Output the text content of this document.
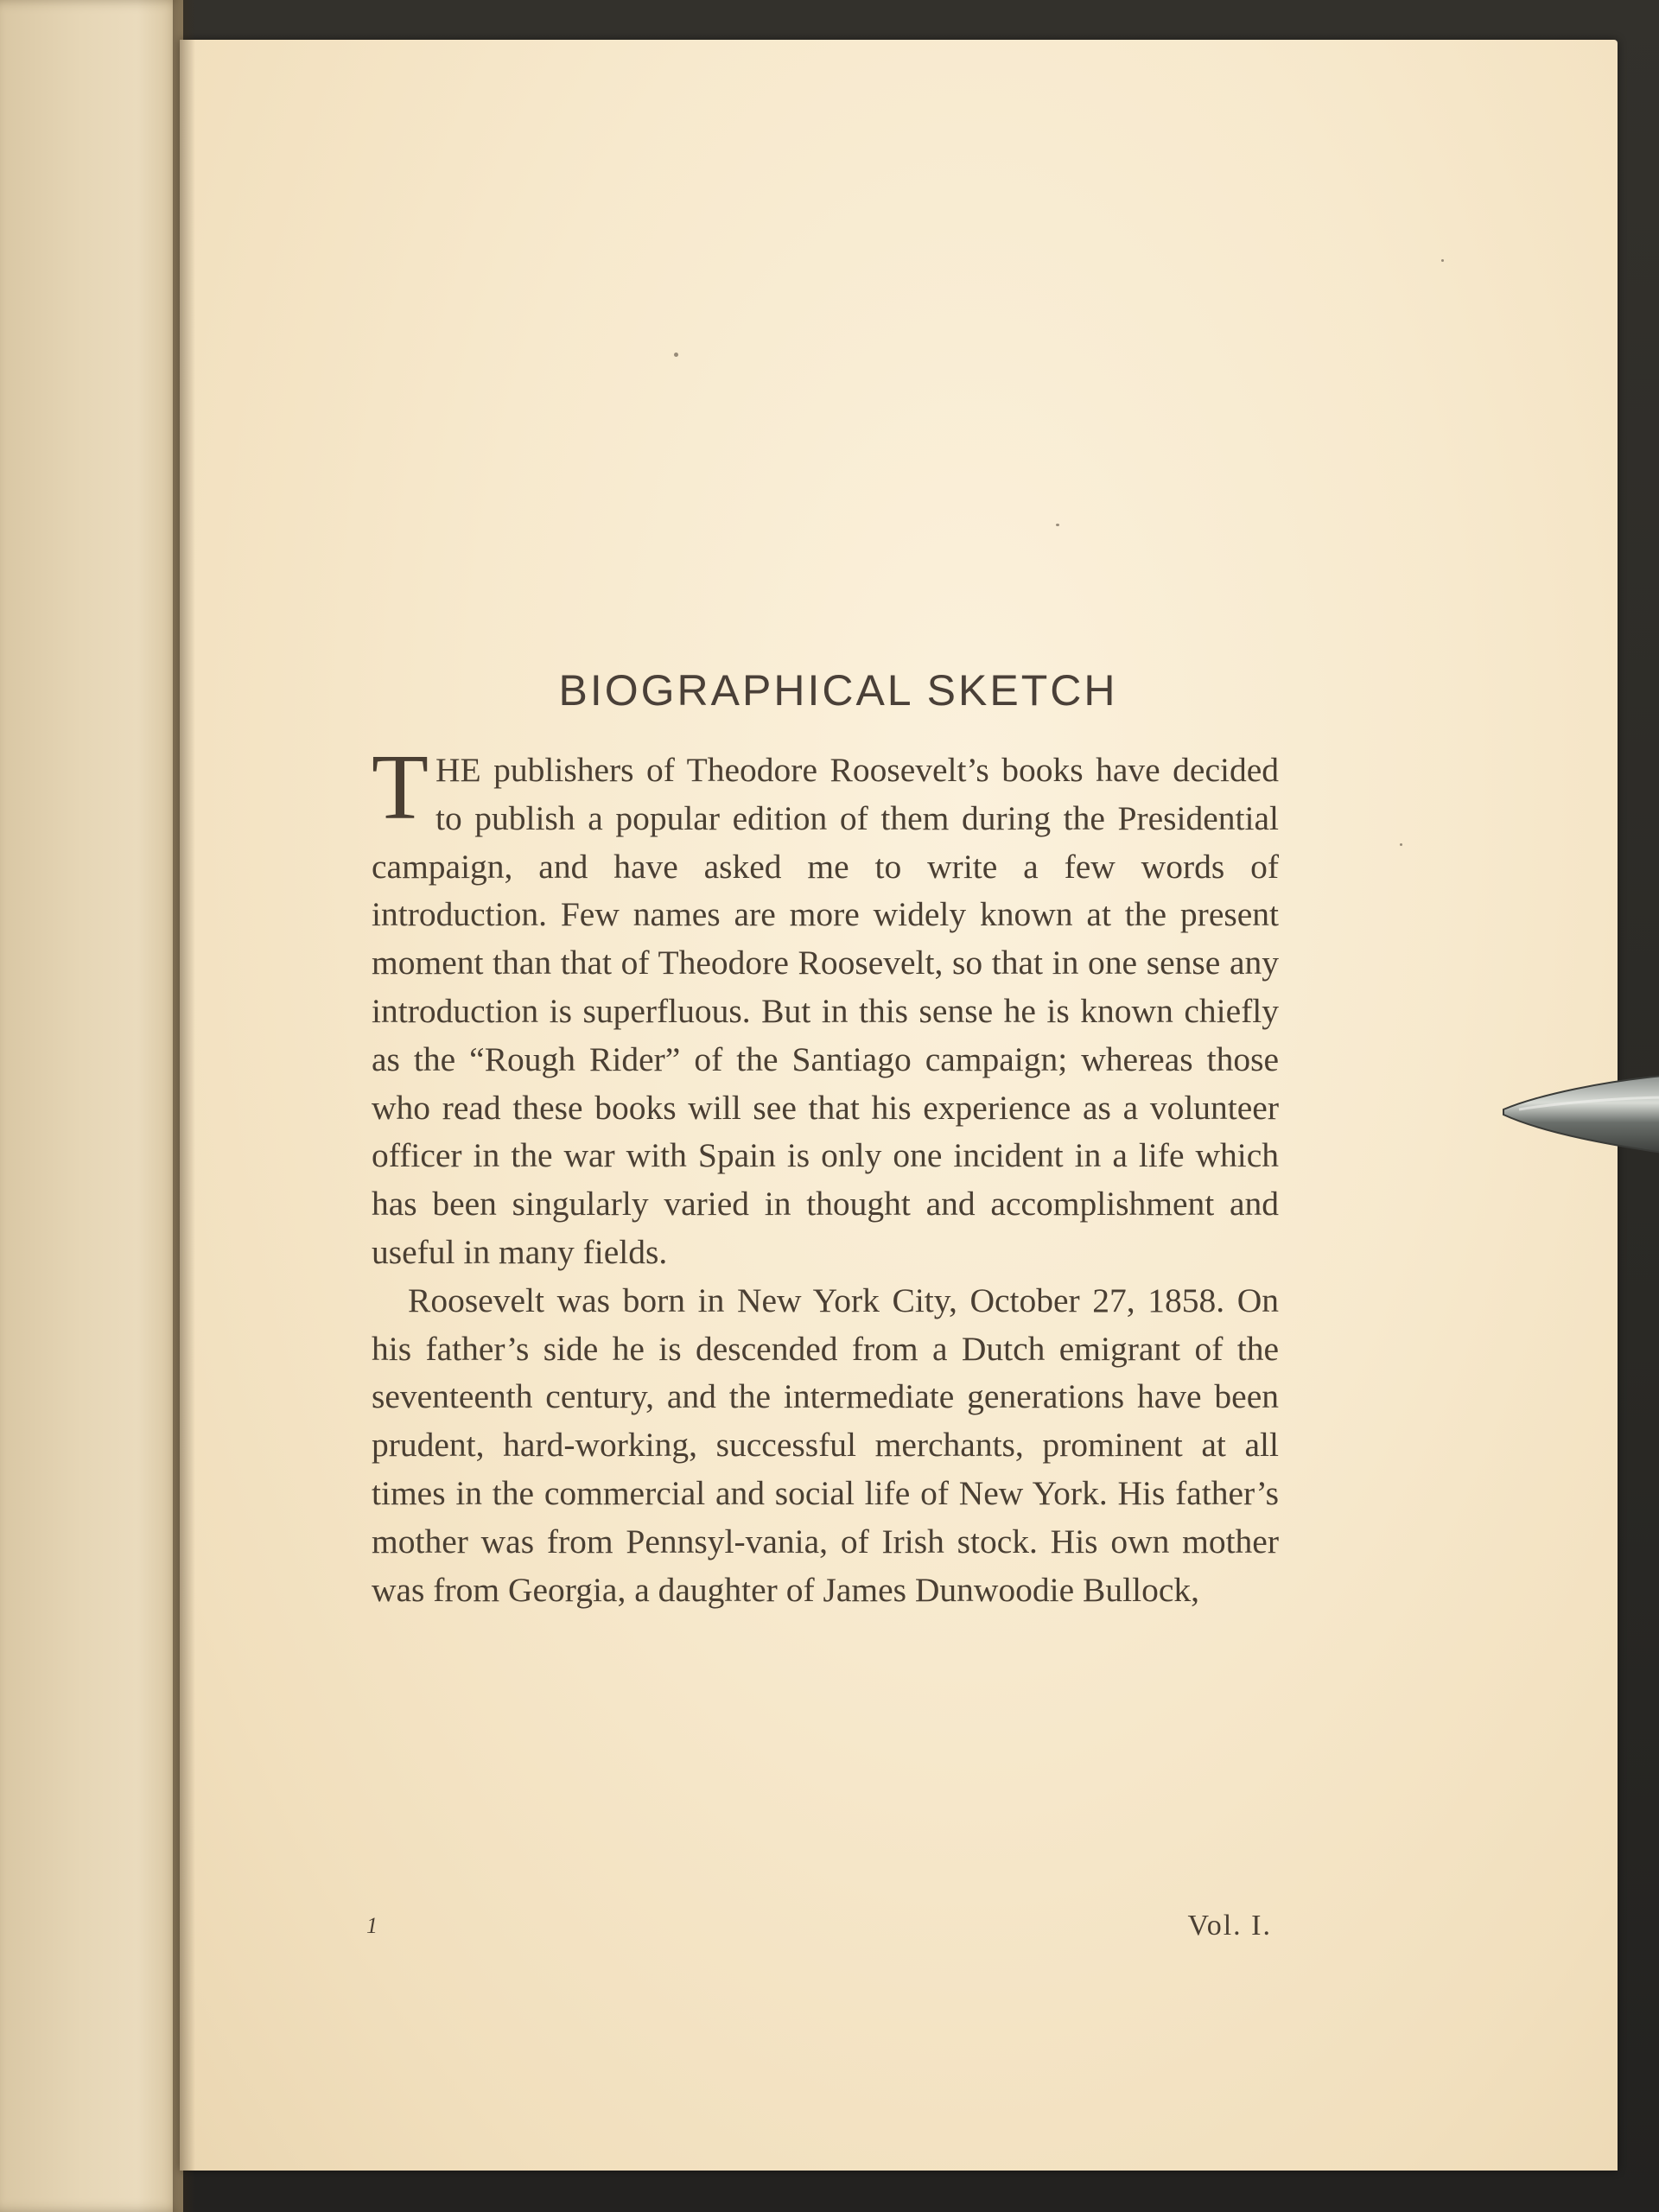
BIOGRAPHICAL SKETCH

THE publishers of Theodore Roosevelt’s books have decided to publish a popular edition of them during the Presidential campaign, and have asked me to write a few words of introduction. Few names are more widely known at the present moment than that of Theodore Roosevelt, so that in one sense any introduction is superfluous. But in this sense he is known chiefly as the “Rough Rider” of the Santiago campaign; whereas those who read these books will see that his experience as a volunteer officer in the war with Spain is only one incident in a life which has been singularly varied in thought and accomplishment and useful in many fields.

Roosevelt was born in New York City, October 27, 1858. On his father’s side he is descended from a Dutch emigrant of the seventeenth century, and the intermediate generations have been prudent, hard-working, successful merchants, prominent at all times in the commercial and social life of New York. His father’s mother was from Pennsyl-vania, of Irish stock. His own mother was from Georgia, a daughter of James Dunwoodie Bullock,

1	Vol. I.
